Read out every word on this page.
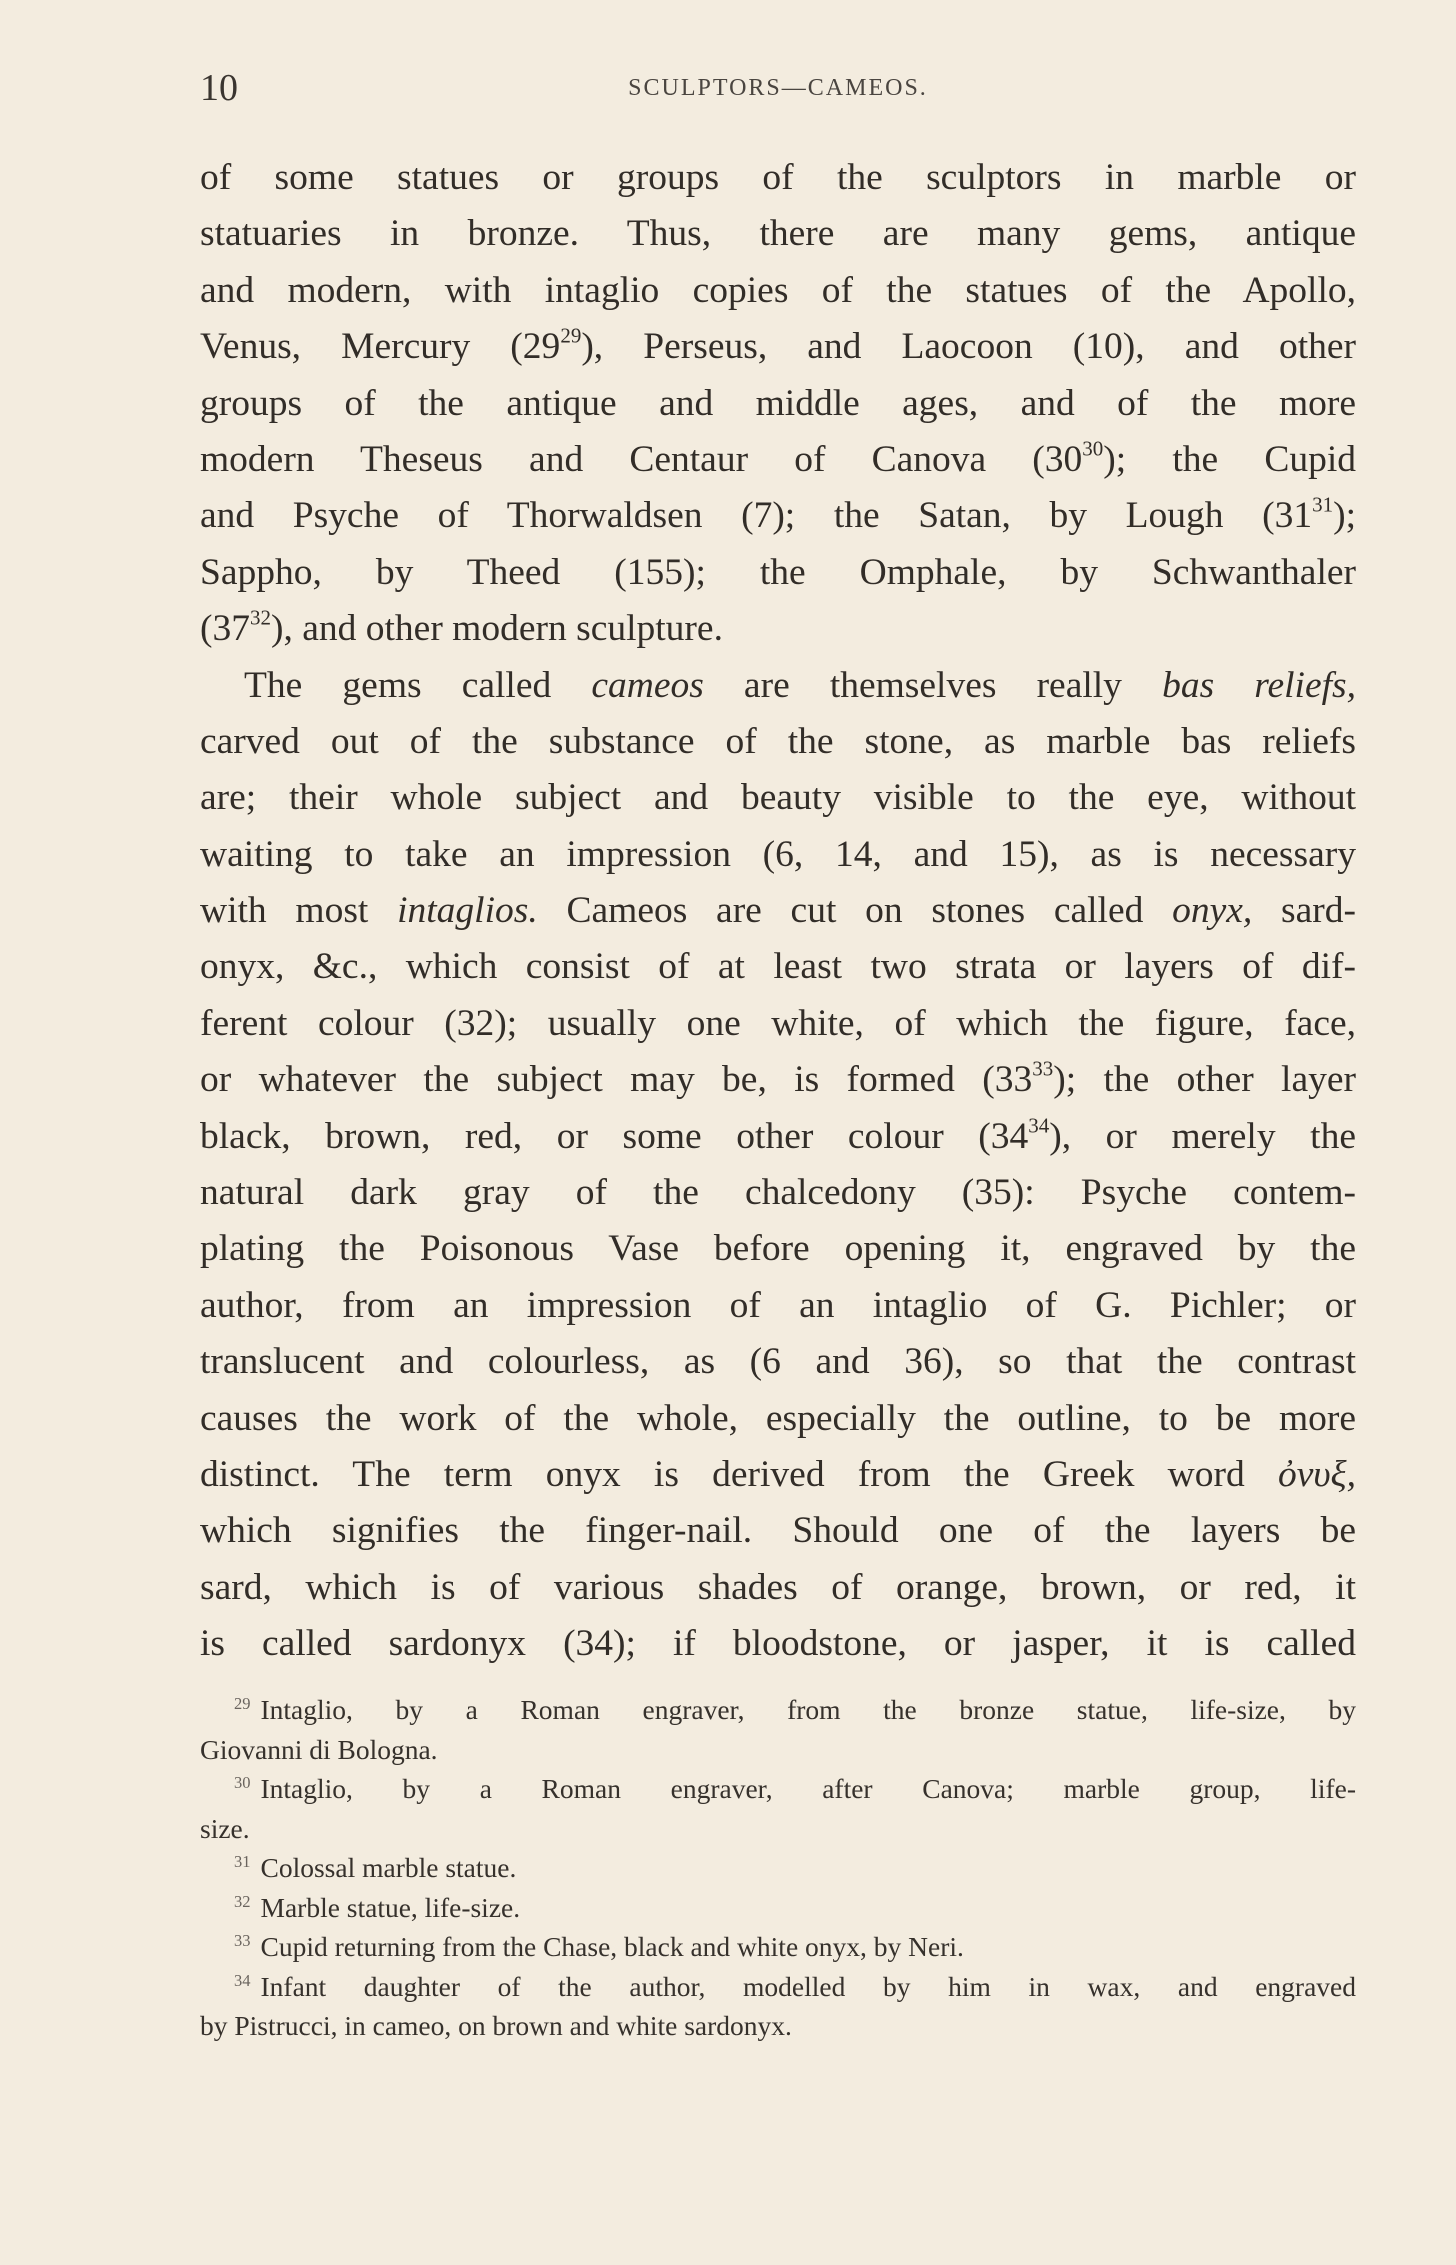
10	SCULPTORS—CAMEOS.
of some statues or groups of the sculptors in marble or
statuaries in bronze. Thus, there are many gems, antique
and modern, with intaglio copies of the statues of the Apollo,
Venus, Mercury $(29^{29})$, Perseus, and Laocoon (10), and other
groups of the antique and middle ages, and of the more
modern Theseus and Centaur of Canova $(30^{30})$; the Cupid
and Psyche of Thorwaldsen (7); the Satan, by Lough $(31^{31})$;
Sappho, by Theed (155); the Omphale, by Schwanthaler
$(37^{32})$, and other modern sculpture.
The gems called cameos are themselves really bas reliefs,
carved out of the substance of the stone, as marble bas reliefs
are; their whole subject and beauty visible to the eye, without
waiting to take an impression (6, 14, and 15), as is necessary
with most intaglios. Cameos are cut on stones called onyx, sard-
onyx, &c., which consist of at least two strata or layers of dif-
ferent colour (32); usually one white, of which the figure, face,
or whatever the subject may be, is formed $(33^{33})$; the other layer
black, brown, red, or some other colour $(34^{34})$, or merely the
natural dark gray of the chalcedony (35): Psyche contem-
plating the Poisonous Vase before opening it, engraved by the
author, from an impression of an intaglio of G. Pichler; or
translucent and colourless, as (6 and 36), so that the contrast
causes the work of the whole, especially the outline, to be more
distinct. The term onyx is derived from the Greek word ὀνυξ,
which signifies the finger-nail. Should one of the layers be
sard, which is of various shades of orange, brown, or red, it
is called sardonyx (34); if bloodstone, or jasper, it is called
$^{29}$ Intaglio, by a Roman engraver, from the bronze statue, life-size, by
Giovanni di Bologna.
$^{30}$ Intaglio, by a Roman engraver, after Canova; marble group, life-
size.
$^{31}$ Colossal marble statue.
$^{32}$ Marble statue, life-size.
$^{33}$ Cupid returning from the Chase, black and white onyx, by Neri.
$^{34}$ Infant daughter of the author, modelled by him in wax, and engraved
by Pistrucci, in cameo, on brown and white sardonyx.
